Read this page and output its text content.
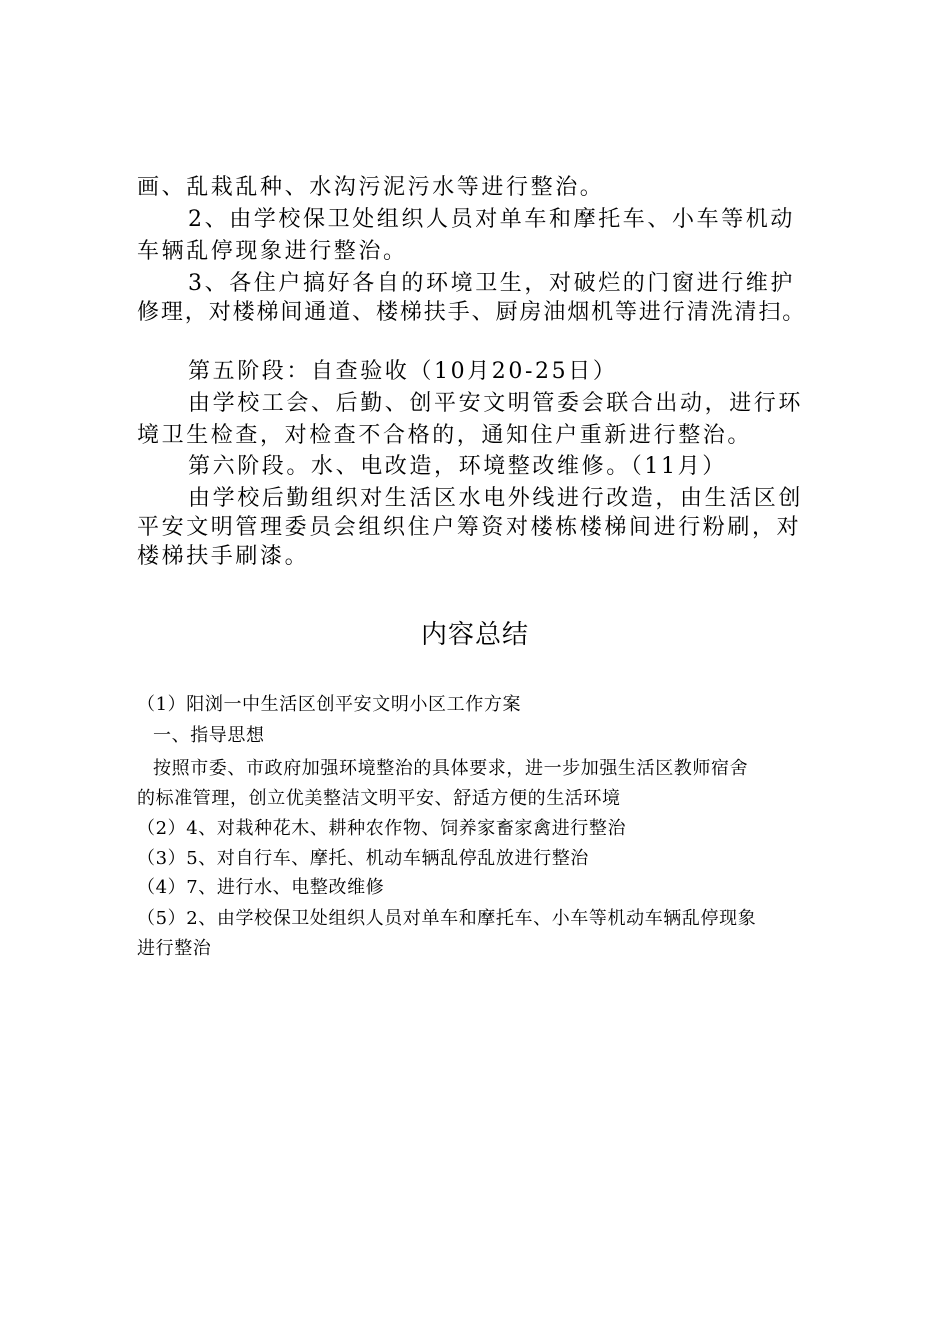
画、乱栽乱种、水沟污泥污水等进行整治。
2、由学校保卫处组织人员对单车和摩托车、小车等机动
车辆乱停现象进行整治。
3、各住户搞好各自的环境卫生，对破烂的门窗进行维护
修理，对楼梯间通道、楼梯扶手、厨房油烟机等进行清洗清扫。
第五阶段：自查验收（10月20-25日）
由学校工会、后勤、创平安文明管委会联合出动，进行环
境卫生检查，对检查不合格的，通知住户重新进行整治。
第六阶段。水、电改造，环境整改维修。（11月）
由学校后勤组织对生活区水电外线进行改造，由生活区创
平安文明管理委员会组织住户筹资对楼栋楼梯间进行粉刷，对
楼梯扶手刷漆。
内容总结
（1）阳浏一中生活区创平安文明小区工作方案
一、指导思想
按照市委、市政府加强环境整治的具体要求，进一步加强生活区教师宿舍
的标准管理，创立优美整洁文明平安、舒适方便的生活环境
（2）4、对栽种花木、耕种农作物、饲养家畜家禽进行整治
（3）5、对自行车、摩托、机动车辆乱停乱放进行整治
（4）7、进行水、电整改维修
（5）2、由学校保卫处组织人员对单车和摩托车、小车等机动车辆乱停现象
进行整治
